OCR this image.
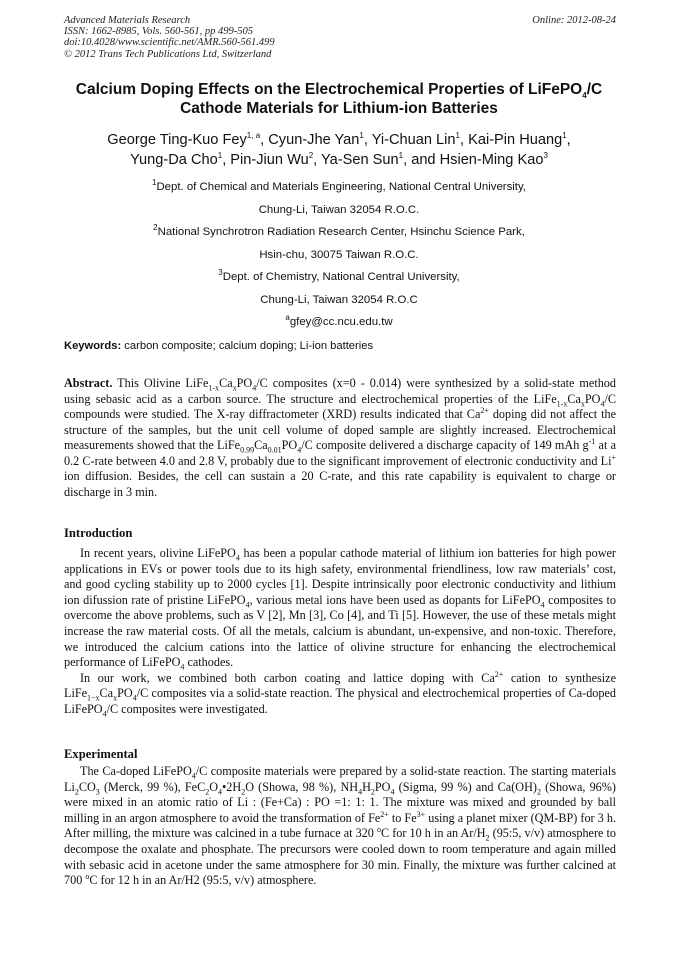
Advanced Materials Research
ISSN: 1662-8985, Vols. 560-561, pp 499-505
doi:10.4028/www.scientific.net/AMR.560-561.499
© 2012 Trans Tech Publications Ltd, Switzerland
Online: 2012-08-24
Calcium Doping Effects on the Electrochemical Properties of LiFePO$_4$/C
Cathode Materials for Lithium-ion Batteries
George Ting-Kuo Fey$^{1, a}$, Cyun-Jhe Yan$^1$, Yi-Chuan Lin$^1$, Kai-Pin Huang$^1$,
Yung-Da Cho$^1$, Pin-Jiun Wu$^2$, Ya-Sen Sun$^1$, and Hsien-Ming Kao$^3$
$^1$Dept. of Chemical and Materials Engineering, National Central University,
Chung-Li, Taiwan 32054 R.O.C.
$^2$National Synchrotron Radiation Research Center, Hsinchu Science Park,
Hsin-chu, 30075 Taiwan R.O.C.
$^3$Dept. of Chemistry, National Central University,
Chung-Li, Taiwan 32054 R.O.C
$^a$gfey@cc.ncu.edu.tw
Keywords: carbon composite; calcium doping; Li-ion batteries
Abstract. This Olivine $LiFe_{1-x}Ca_xPO_4/C$ composites (x=0 - 0.014) were synthesized by a solid-state method using sebasic acid as a carbon source. The structure and electrochemical properties of the $LiFe_{1-x}Ca_xPO_4/C$ compounds were studied. The X-ray diffractometer (XRD) results indicated that $Ca^{2+}$ doping did not affect the structure of the samples, but the unit cell volume of doped sample are slightly increased. Electrochemical measurements showed that the $LiFe_{0.99}Ca_{0.01}PO_4/C$ composite delivered a discharge capacity of 149 mAh $g^{-1}$ at a 0.2 C-rate between 4.0 and 2.8 V, probably due to the significant improvement of electronic conductivity and Li+ ion diffusion. Besides, the cell can sustain a 20 C-rate, and this rate capability is equivalent to charge or discharge in 3 min.
Introduction

In recent years, olivine LiFePO$_4$ has been a popular cathode material of lithium ion batteries for high power applications in EVs or power tools due to its high safety, environmental friendliness, low raw materials’ cost, and good cycling stability up to 2000 cycles [1]. Despite intrinsically poor electronic conductivity and lithium ion difussion rate of pristine LiFePO$_4$, various metal ions have been used as dopants for LiFePO$_4$ composites to overcome the above problems, such as V [2], Mn [3], Co [4], and Ti [5]. However, the use of these metals might increase the raw material costs. Of all the metals, calcium is abundant, un-expensive, and non-toxic. Therefore, we introduced the calcium cations into the lattice of olivine structure for enhancing the electrochemical performance of LiFePO$_4$ cathodes.

In our work, we combined both carbon coating and lattice doping with $Ca^{2+}$ cation to synthesize $LiFe_{1-x}Ca_xPO_4/C$ composites via a solid-state reaction. The physical and electrochemical properties of Ca-doped LiFePO$_4$/C composites were investigated.

Experimental

The Ca-doped LiFePO$_4$/C composite materials were prepared by a solid-state reaction. The starting materials $Li_2CO_3$ (Merck, 99 %), $FeC_2O_4•2H_2O$ (Showa, 98 %), $NH_4H_2PO_4$ (Sigma, 99 %) and $Ca(OH)_2$ (Showa, 96%) were mixed in an atomic ratio of Li : (Fe+Ca) : PO =1: 1: 1. The mixture was mixed and grounded by ball milling in an argon atmosphere to avoid the transformation of $Fe^{2+}$ to $Fe^{3+}$ using a planet mixer (QM-BP) for 3 h. After milling, the mixture was calcined in a tube furnace at 320 $^o$C for 10 h in an $Ar/H_2$ (95:5, v/v) atmosphere to decompose the oxalate and phosphate. The precursors were cooled down to room temperature and again milled with sebasic acid in acetone under the same atmosphere for 30 min. Finally, the mixture was further calcined at 700 $^o$C for 12 h in an Ar/H2 (95:5, v/v) atmosphere.
